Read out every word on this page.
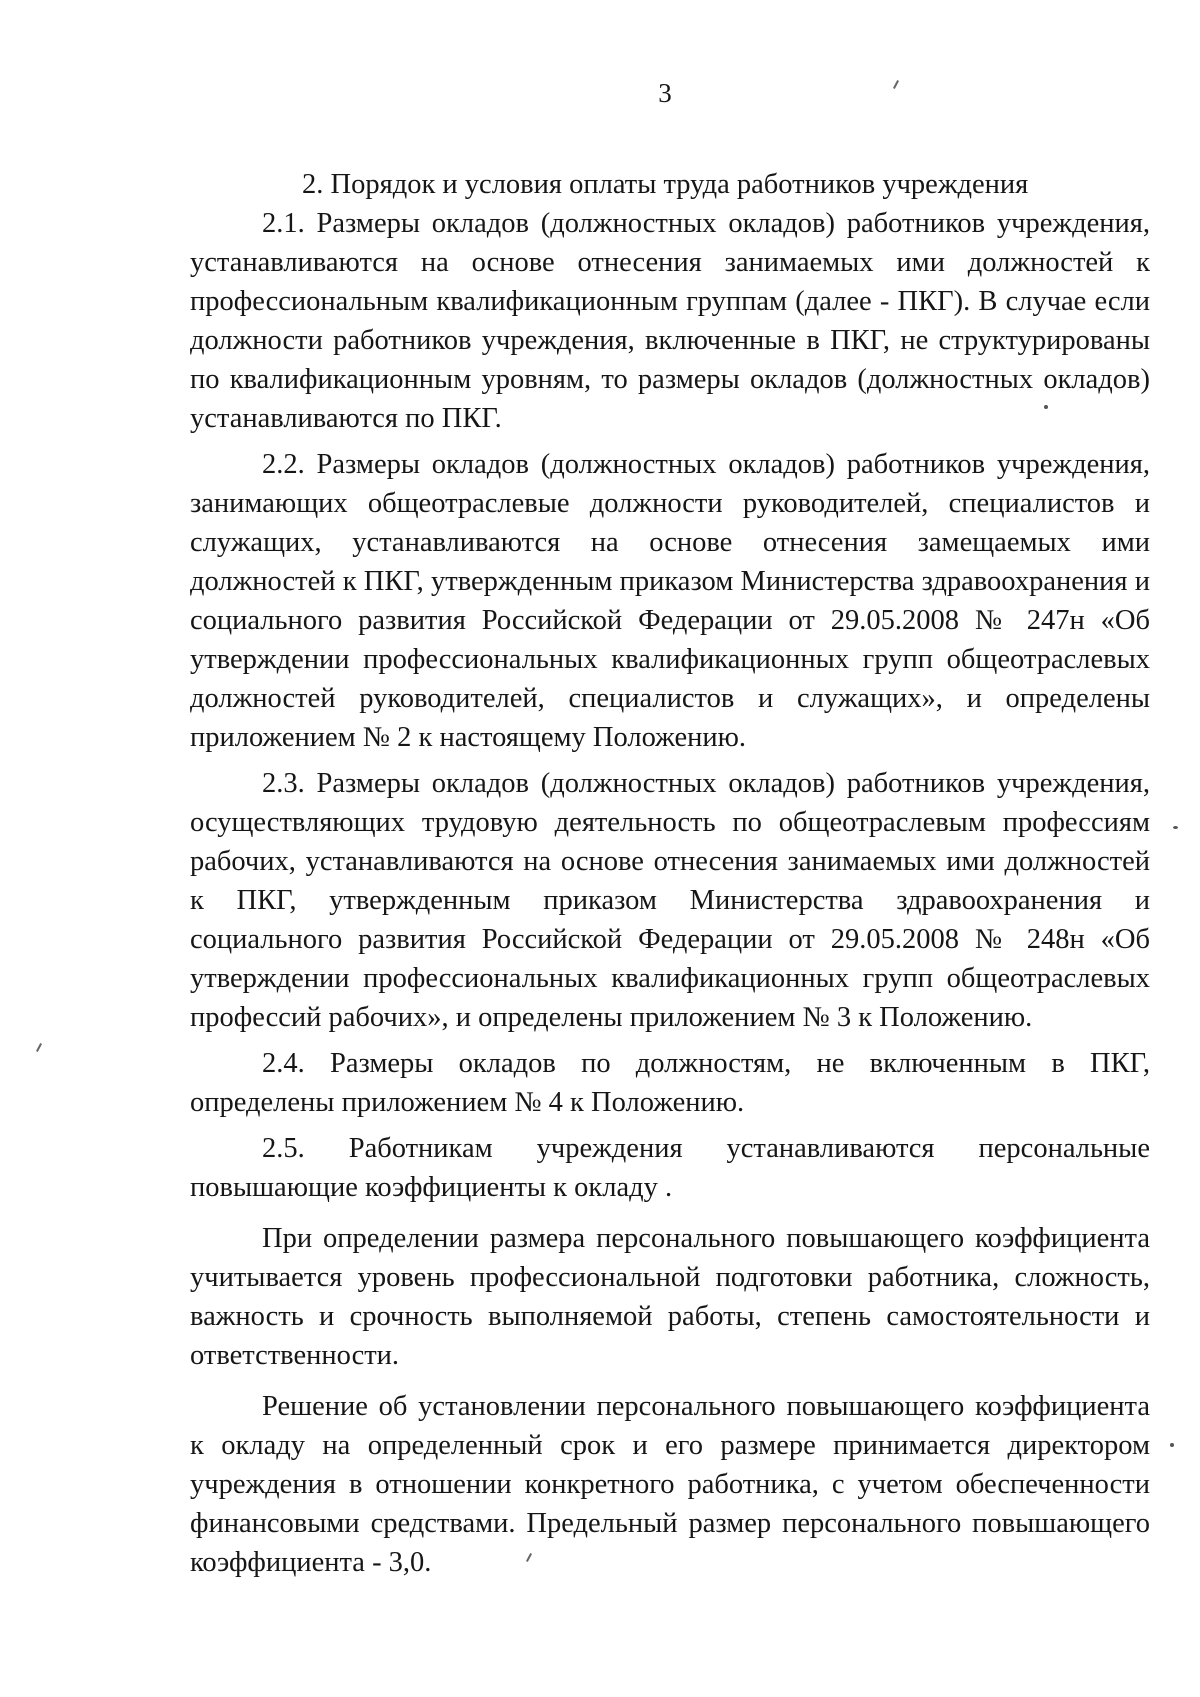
3

2. Порядок и условия оплаты труда работников учреждения

2.1. Размеры окладов (должностных окладов) работников учреждения, устанавливаются на основе отнесения занимаемых ими должностей к профессиональным квалификационным группам (далее - ПКГ). В случае если должности работников учреждения, включенные в ПКГ, не структурированы по квалификационным уровням, то размеры окладов (должностных окладов) устанавливаются по ПКГ.

2.2. Размеры окладов (должностных окладов) работников учреждения, занимающих общеотраслевые должности руководителей, специалистов и служащих, устанавливаются на основе отнесения замещаемых ими должностей к ПКГ, утвержденным приказом Министерства здравоохранения и социального развития Российской Федерации от 29.05.2008 № 247н «Об утверждении профессиональных квалификационных групп общеотраслевых должностей руководителей, специалистов и служащих», и определены приложением № 2 к настоящему Положению.

2.3. Размеры окладов (должностных окладов) работников учреждения, осуществляющих трудовую деятельность по общеотраслевым профессиям рабочих, устанавливаются на основе отнесения занимаемых ими должностей к ПКГ, утвержденным приказом Министерства здравоохранения и социального развития Российской Федерации от 29.05.2008 № 248н «Об утверждении профессиональных квалификационных групп общеотраслевых профессий рабочих», и определены приложением № 3 к Положению.

2.4. Размеры окладов по должностям, не включенным в ПКГ, определены приложением № 4 к Положению.

2.5. Работникам учреждения устанавливаются персональные повышающие коэффициенты к окладу .

При определении размера персонального повышающего коэффициента учитывается уровень профессиональной подготовки работника, сложность, важность и срочность выполняемой работы, степень самостоятельности и ответственности.

Решение об установлении персонального повышающего коэффициента к окладу на определенный срок и его размере принимается директором учреждения в отношении конкретного работника, с учетом обеспеченности финансовыми средствами. Предельный размер персонального повышающего коэффициента - 3,0.
